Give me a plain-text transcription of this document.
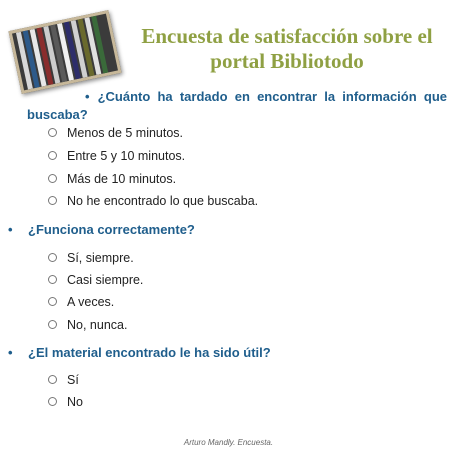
Encuesta de satisfacción sobre el
portal Bibliotodo
• ¿Cuánto ha tardado en encontrar la información que buscaba?
Menos de 5 minutos.
Entre 5 y 10 minutos.
Más de 10 minutos.
No he encontrado lo que buscaba.
• ¿Funciona correctamente?
Sí, siempre.
Casi siempre.
A veces.
No, nunca.
• ¿El material encontrado le ha sido útil?
Sí
No
Arturo Mandly. Encuesta.
